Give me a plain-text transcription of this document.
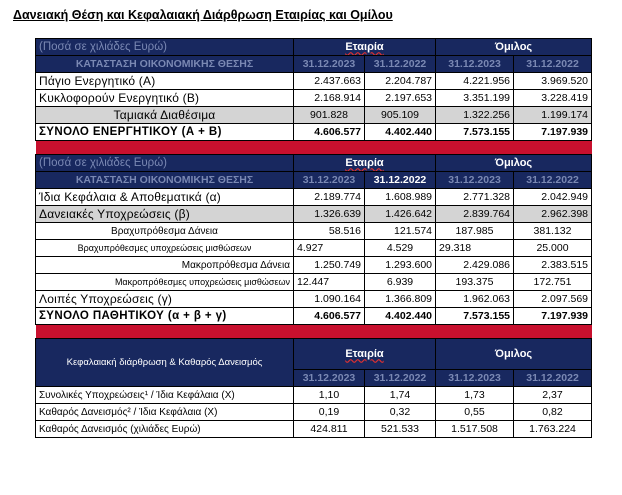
Δανειακή Θέση και Κεφαλαιακή Διάρθρωση Εταιρίας και Ομίλου
(Ποσά σε χιλιάδες Ευρώ)	Εταιρία		Όμιλος	
ΚΑΤΑΣΤΑΣΗ ΟΙΚΟΝΟΜΙΚΗΣ ΘΕΣΗΣ	31.12.2023	31.12.2022	31.12.2023	31.12.2022
Πάγιο Ενεργητικό (Α)	2.437.663	2.204.787	4.221.956	3.969.520
Κυκλοφορούν Ενεργητικό (Β)	2.168.914	2.197.653	3.351.199	3.228.419
Ταμιακά Διαθέσιμα	901.828	905.109	1.322.256	1.199.174
ΣΥΝΟΛΟ ΕΝΕΡΓΗΤΙΚΟΥ (Α + Β)	4.606.577	4.402.440	7.573.155	7.197.939

(Ποσά σε χιλιάδες Ευρώ)	Εταιρία		Όμιλος	
ΚΑΤΑΣΤΑΣΗ ΟΙΚΟΝΟΜΙΚΗΣ ΘΕΣΗΣ	31.12.2023	31.12.2022	31.12.2023	31.12.2022
Ίδια Κεφάλαια & Αποθεματικά (α)	2.189.774	1.608.989	2.771.328	2.042.949
Δανειακές Υποχρεώσεις (β)	1.326.639	1.426.642	2.839.764	2.962.398
Βραχυπρόθεσμα Δάνεια	58.516	121.574	187.985	381.132
Βραχυπρόθεσμες υποχρεώσεις μισθώσεων	4.927	4.529	29.318	25.000
Μακροπρόθεσμα Δάνεια	1.250.749	1.293.600	2.429.086	2.383.515
Μακροπρόθεσμες υποχρεώσεις μισθώσεων	12.447	6.939	193.375	172.751
Λοιπές Υποχρεώσεις (γ)	1.090.164	1.366.809	1.962.063	2.097.569
ΣΥΝΟΛΟ ΠΑΘΗΤΙΚΟΥ (α + β + γ)	4.606.577	4.402.440	7.573.155	7.197.939

Κεφαλαιακή διάρθρωση & Καθαρός Δανεισμός	Εταιρία		Όμιλος	
	31.12.2023	31.12.2022	31.12.2023	31.12.2022
Συνολικές Υποχρεώσεις¹ / Ίδια Κεφάλαια (Χ)	1,10	1,74	1,73	2,37
Καθαρός Δανεισμός² / Ίδια Κεφάλαια (Χ)	0,19	0,32	0,55	0,82
Καθαρός Δανεισμός (χιλιάδες Ευρώ)	424.811	521.533	1.517.508	1.763.224
